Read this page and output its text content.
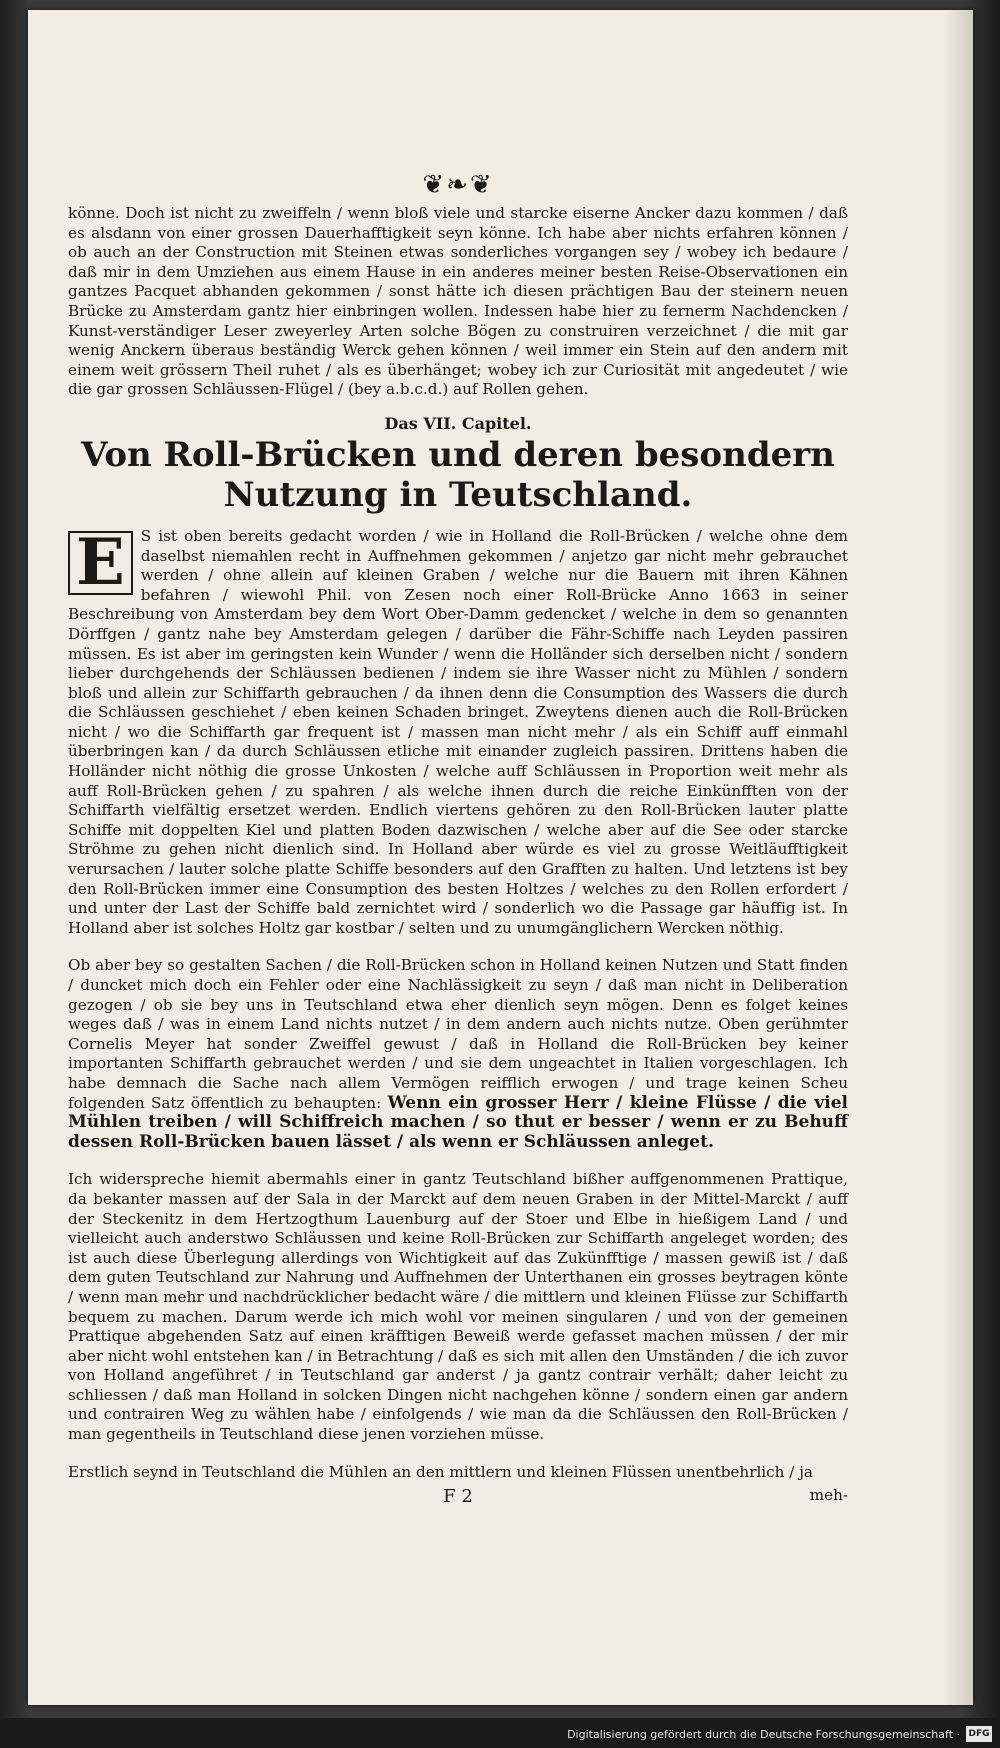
❦❧❦

könne. Doch ist nicht zu zweiffeln / wenn bloß viele und starcke eiserne Ancker dazu kommen / daß es alsdann von einer grossen Dauerhafftigkeit seyn könne. Ich habe aber nichts erfahren können / ob auch an der Construction mit Steinen etwas sonderliches vorgangen sey / wobey ich bedaure / daß mir in dem Umziehen aus einem Hause in ein anderes meiner besten Reise-Observationen ein gantzes Pacquet abhanden gekommen / sonst hätte ich diesen prächtigen Bau der steinern neuen Brücke zu Amsterdam gantz hier einbringen wollen. Indessen habe hier zu fernerm Nachdencken / Kunst-verständiger Leser zweyerley Arten solche Bögen zu construiren verzeichnet / die mit gar wenig Anckern überaus beständig Werck gehen können / weil immer ein Stein auf den andern mit einem weit grössern Theil ruhet / als es überhänget; wobey ich zur Curiosität mit angedeutet / wie die gar grossen Schläussen-Flügel / (bey a.b.c.d.) auf Rollen gehen.

Das VII. Capitel.
Von Roll-Brücken und deren besondern Nutzung in Teutschland.

E	S ist oben bereits gedacht worden / wie in Holland die Roll-Brücken / welche ohne dem daselbst niemahlen recht in Auffnehmen gekommen / anjetzo gar nicht mehr gebrauchet werden / ohne allein auf kleinen Graben / welche nur die Bauern mit ihren Kähnen befahren / wiewohl Phil. von Zesen noch einer Roll-Brücke Anno 1663 in seiner Beschreibung von Amsterdam bey dem Wort Ober-Damm gedencket / welche in dem so genannten Dörffgen / gantz nahe bey Amsterdam gelegen / darüber die Fähr-Schiffe nach Leyden passiren müssen. Es ist aber im geringsten kein Wunder / wenn die Holländer sich derselben nicht / sondern lieber durchgehends der Schläussen bedienen / indem sie ihre Wasser nicht zu Mühlen / sondern bloß und allein zur Schiffarth gebrauchen / da ihnen denn die Consumption des Wassers die durch die Schläussen geschiehet / eben keinen Schaden bringet. Zweytens dienen auch die Roll-Brücken nicht / wo die Schiffarth gar frequent ist / massen man nicht mehr / als ein Schiff auff einmahl überbringen kan / da durch Schläussen etliche mit einander zugleich passiren. Drittens haben die Holländer nicht nöthig die grosse Unkosten / welche auff Schläussen in Proportion weit mehr als auff Roll-Brücken gehen / zu spahren / als welche ihnen durch die reiche Einkünfften von der Schiffarth vielfältig ersetzet werden. Endlich viertens gehören zu den Roll-Brücken lauter platte Schiffe mit doppelten Kiel und platten Boden dazwischen / welche aber auf die See oder starcke Ströhme zu gehen nicht dienlich sind. In Holland aber würde es viel zu grosse Weitläufftigkeit verursachen / lauter solche platte Schiffe besonders auf den Grafften zu halten. Und letztens ist bey den Roll-Brücken immer eine Consumption des besten Holtzes / welches zu den Rollen erfordert / und unter der Last der Schiffe bald zernichtet wird / sonderlich wo die Passage gar häuffig ist. In Holland aber ist solches Holtz gar kostbar / selten und zu unumgänglichern Wercken nöthig.

Ob aber bey so gestalten Sachen / die Roll-Brücken schon in Holland keinen Nutzen und Statt finden / duncket mich doch ein Fehler oder eine Nachlässigkeit zu seyn / daß man nicht in Deliberation gezogen / ob sie bey uns in Teutschland etwa eher dienlich seyn mögen. Denn es folget keines weges daß / was in einem Land nichts nutzet / in dem andern auch nichts nutze. Oben gerühmter Cornelis Meyer hat sonder Zweiffel gewust / daß in Holland die Roll-Brücken bey keiner importanten Schiffarth gebrauchet werden / und sie dem ungeachtet in Italien vorgeschlagen. Ich habe demnach die Sache nach allem Vermögen reifflich erwogen / und trage keinen Scheu folgenden Satz öffentlich zu behaupten: Wenn ein grosser Herr / kleine Flüsse / die viel Mühlen treiben / will Schiffreich machen / so thut er besser / wenn er zu Behuff dessen Roll-Brücken bauen lässet / als wenn er Schläussen anleget.

Ich widerspreche hiemit abermahls einer in gantz Teutschland bißher auffgenommenen Prattique, da bekanter massen auf der Sala in der Marckt auf dem neuen Graben in der Mittel-Marckt / auff der Steckenitz in dem Hertzogthum Lauenburg auf der Stoer und Elbe in hießigem Land / und vielleicht auch anderstwo Schläussen und keine Roll-Brücken zur Schiffarth angeleget worden; des ist auch diese Überlegung allerdings von Wichtigkeit auf das Zukünfftige / massen gewiß ist / daß dem guten Teutschland zur Nahrung und Auffnehmen der Unterthanen ein grosses beytragen könte / wenn man mehr und nachdrücklicher bedacht wäre / die mittlern und kleinen Flüsse zur Schiffarth bequem zu machen. Darum werde ich mich wohl vor meinen singularen / und von der gemeinen Prattique abgehenden Satz auf einen kräfftigen Beweiß werde gefasset machen müssen / der mir aber nicht wohl entstehen kan / in Betrachtung / daß es sich mit allen den Umständen / die ich zuvor von Holland angeführet / in Teutschland gar anderst / ja gantz contrair verhält; daher leicht zu schliessen / daß man Holland in solcken Dingen nicht nachgehen könne / sondern einen gar andern und contrairen Weg zu wählen habe / einfolgends / wie man da die Schläussen den Roll-Brücken / man gegentheils in Teutschland diese jenen vorziehen müsse.

Erstlich seynd in Teutschland die Mühlen an den mittlern und kleinen Flüssen unentbehrlich / ja

F 2	meh-
Digitalisierung gefördert durch die Deutsche Forschungsgemeinschaft · DFG
